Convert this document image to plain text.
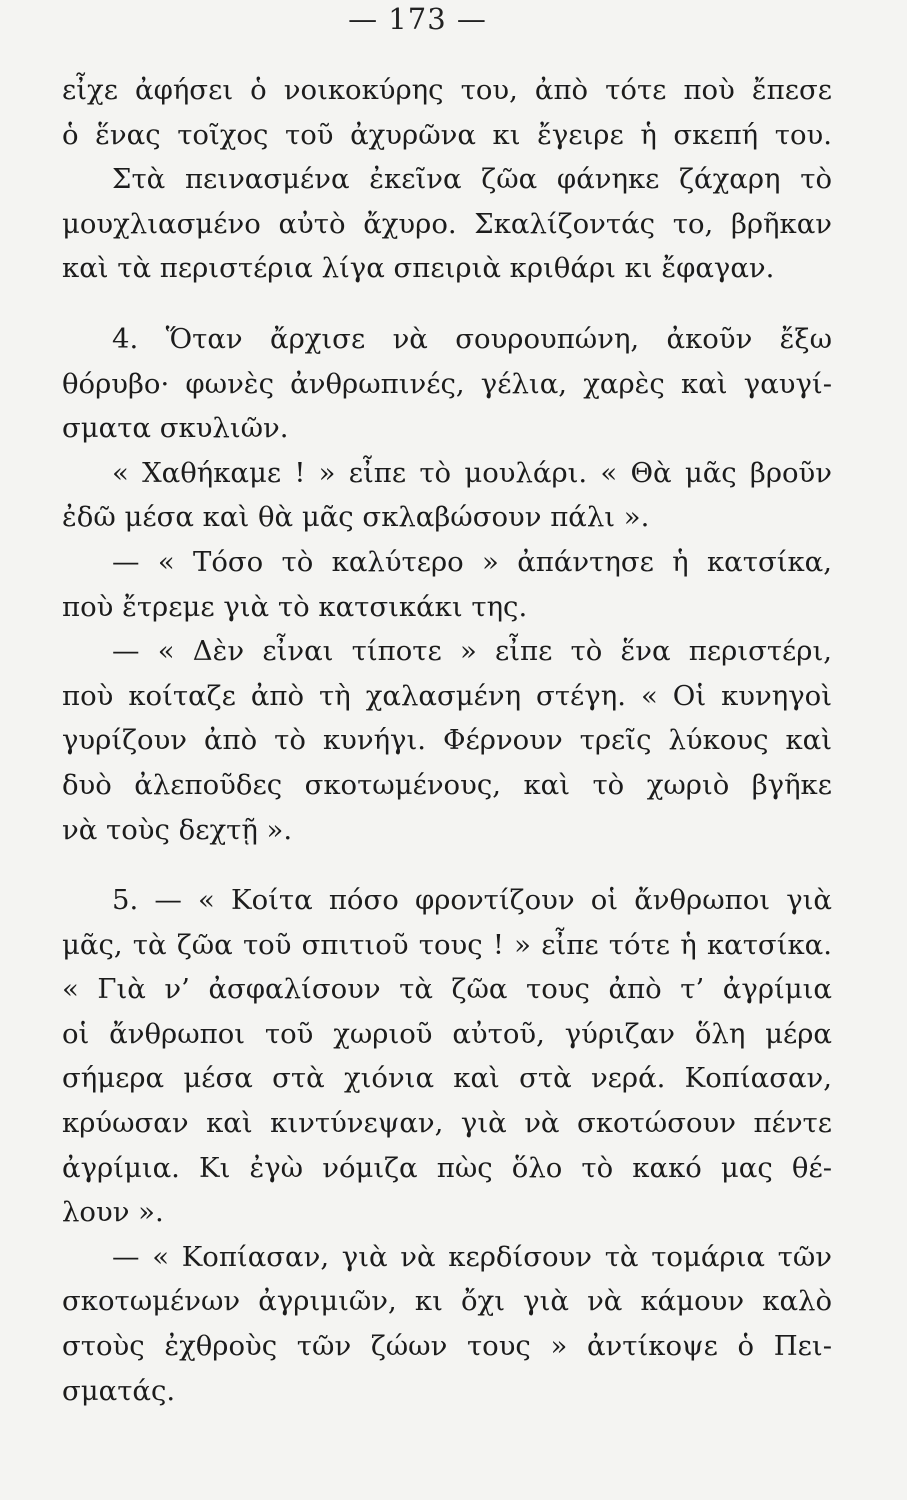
— 173 —
εἶχε ἀφήσει ὁ νοικοκύρης του, ἀπὸ τότε ποὺ ἔπεσε
ὁ ἕνας τοῖχος τοῦ ἀχυρῶνα κι ἔγειρε ἡ σκεπή του.
Στὰ πεινασμένα ἐκεῖνα ζῶα φάνηκε ζάχαρη τὸ
μουχλιασμένο αὐτὸ ἄχυρο. Σκαλίζοντάς το, βρῆκαν
καὶ τὰ περιστέρια λίγα σπειριὰ κριθάρι κι ἔφαγαν.
4. Ὅταν ἄρχισε νὰ σουρουπώνη, ἀκοῦν ἔξω
θόρυβο· φωνὲς ἀνθρωπινές, γέλια, χαρὲς καὶ γαυγί-
σματα σκυλιῶν.
« Χαθήκαμε ! » εἶπε τὸ μουλάρι. « Θὰ μᾶς βροῦν
ἐδῶ μέσα καὶ θὰ μᾶς σκλαβώσουν πάλι ».
— « Τόσο τὸ καλύτερο » ἀπάντησε ἡ κατσίκα,
ποὺ ἔτρεμε γιὰ τὸ κατσικάκι της.
— « Δὲν εἶναι τίποτε » εἶπε τὸ ἕνα περιστέρι,
ποὺ κοίταζε ἀπὸ τὴ χαλασμένη στέγη. « Οἱ κυνηγοὶ
γυρίζουν ἀπὸ τὸ κυνήγι. Φέρνουν τρεῖς λύκους καὶ
δυὸ ἀλεποῦδες σκοτωμένους, καὶ τὸ χωριὸ βγῆκε
νὰ τοὺς δεχτῇ ».
5. — « Κοίτα πόσο φροντίζουν οἱ ἄνθρωποι γιὰ
μᾶς, τὰ ζῶα τοῦ σπιτιοῦ τους ! » εἶπε τότε ἡ κατσίκα.
« Γιὰ ν’ ἀσφαλίσουν τὰ ζῶα τους ἀπὸ τ’ ἀγρίμια
οἱ ἄνθρωποι τοῦ χωριοῦ αὐτοῦ, γύριζαν ὅλη μέρα
σήμερα μέσα στὰ χιόνια καὶ στὰ νερά. Κοπίασαν,
κρύωσαν καὶ κιντύνεψαν, γιὰ νὰ σκοτώσουν πέντε
ἀγρίμια. Κι ἐγὼ νόμιζα πὼς ὅλο τὸ κακό μας θέ-
λουν ».
— « Κοπίασαν, γιὰ νὰ κερδίσουν τὰ τομάρια τῶν
σκοτωμένων ἀγριμιῶν, κι ὄχι γιὰ νὰ κάμουν καλὸ
στοὺς ἐχθροὺς τῶν ζώων τους » ἀντίκοψε ὁ Πει-
σματάς.
